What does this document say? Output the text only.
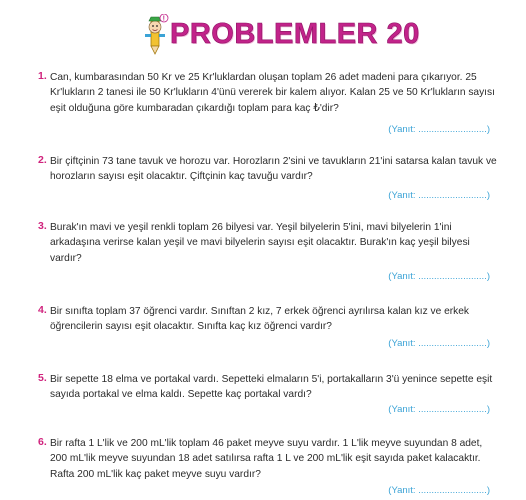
! PROBLEMLER 20
1. Can, kumbarasından 50 Kr ve 25 Kr'luklardan oluşan toplam 26 adet madeni para çıkarıyor. 25 Kr'lukların 2 tanesi ile 50 Kr'lukların 4'ünü vererek bir kalem alıyor. Kalan 25 ve 50 Kr'lukların sayısı eşit olduğuna göre kumbaradan çıkardığı toplam para kaç ₺'dir?

(Yanıt: ..........................)
2. Bir çiftçinin 73 tane tavuk ve horozu var. Horozların 2'sini ve tavukların 21'ini satarsa kalan tavuk ve horozların sayısı eşit olacaktır. Çiftçinin kaç tavuğu vardır?

(Yanıt: ..........................)
3. Burak'ın mavi ve yeşil renkli toplam 26 bilyesi var. Yeşil bilyelerin 5'ini, mavi bilyelerin 1'ini arkadaşına verirse kalan yeşil ve mavi bilyelerin sayısı eşit olacaktır. Burak'ın kaç yeşil bilyesi vardır?

(Yanıt: ..........................)
4. Bir sınıfta toplam 37 öğrenci vardır. Sınıftan 2 kız, 7 erkek öğrenci ayrılırsa kalan kız ve erkek öğrencilerin sayısı eşit olacaktır. Sınıfta kaç kız öğrenci vardır?

(Yanıt: ..........................)
5. Bir sepette 18 elma ve portakal vardı. Sepetteki elmaların 5'i, portakalların 3'ü yenince sepette eşit sayıda portakal ve elma kaldı. Sepette kaç portakal vardı?

(Yanıt: ..........................)
6. Bir rafta 1 L'lik ve 200 mL'lik toplam 46 paket meyve suyu vardır. 1 L'lik meyve suyundan 8 adet, 200 mL'lik meyve suyundan 18 adet satılırsa rafta 1 L ve 200 mL'lik eşit sayıda paket kalacaktır. Rafta 200 mL'lik kaç paket meyve suyu vardır?

(Yanıt: ..........................)
